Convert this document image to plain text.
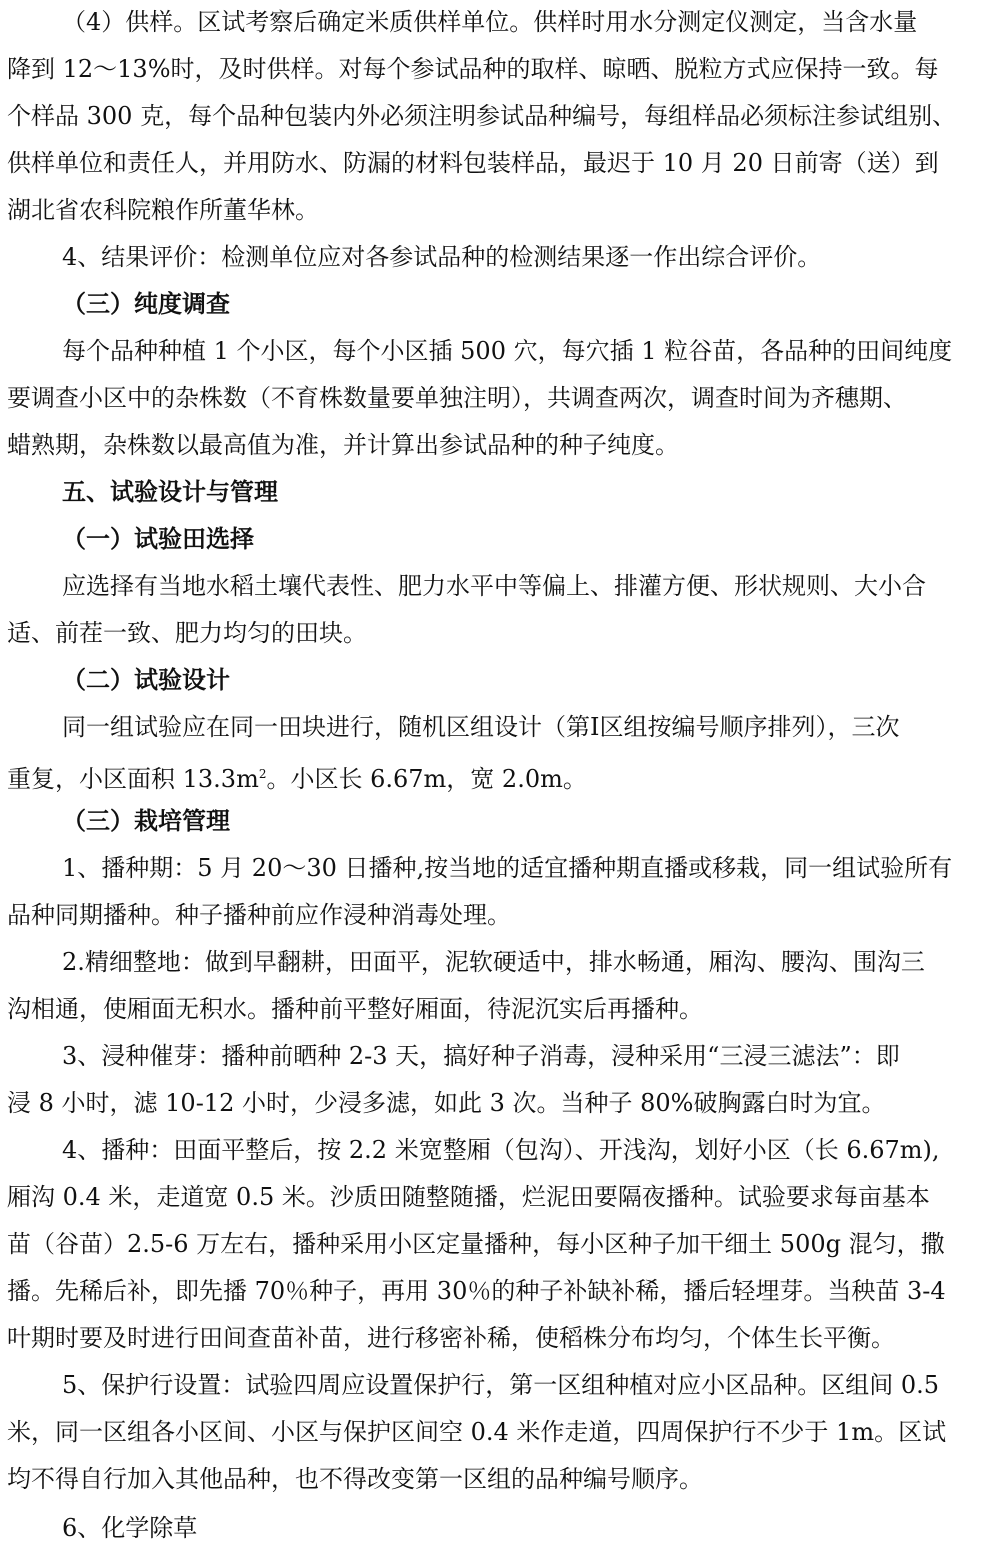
（4）供样。区试考察后确定米质供样单位。供样时用水分测定仪测定，当含水量
降到 12～13%时，及时供样。对每个参试品种的取样、晾晒、脱粒方式应保持一致。每
个样品 300 克，每个品种包装内外必须注明参试品种编号，每组样品必须标注参试组别、
供样单位和责任人，并用防水、防漏的材料包装样品，最迟于 10 月 20 日前寄（送）到
湖北省农科院粮作所董华林。
4、结果评价：检测单位应对各参试品种的检测结果逐一作出综合评价。
（三）纯度调查
每个品种种植 1 个小区，每个小区插 500 穴，每穴插 1 粒谷苗，各品种的田间纯度
要调查小区中的杂株数（不育株数量要单独注明），共调查两次，调查时间为齐穗期、
蜡熟期，杂株数以最高值为准，并计算出参试品种的种子纯度。
五、试验设计与管理
（一）试验田选择
应选择有当地水稻土壤代表性、肥力水平中等偏上、排灌方便、形状规则、大小合
适、前茬一致、肥力均匀的田块。
（二）试验设计
同一组试验应在同一田块进行，随机区组设计（第Ⅰ区组按编号顺序排列），三次
重复，小区面积 $13.3m^2$。小区长 6.67m，宽 2.0m。
（三）栽培管理
1、播种期：5 月 20～30 日播种,按当地的适宜播种期直播或移栽，同一组试验所有
品种同期播种。种子播种前应作浸种消毒处理。
2.精细整地：做到早翻耕，田面平，泥软硬适中，排水畅通，厢沟、腰沟、围沟三
沟相通，使厢面无积水。播种前平整好厢面，待泥沉实后再播种。
3、浸种催芽：播种前晒种 2-3 天，搞好种子消毒，浸种采用“三浸三滤法”：即
浸 8 小时，滤 10-12 小时，少浸多滤，如此 3 次。当种子 80%破胸露白时为宜。
4、播种：田面平整后，按 2.2 米宽整厢（包沟）、开浅沟，划好小区（长 6.67m),
厢沟 0.4 米，走道宽 0.5 米。沙质田随整随播，烂泥田要隔夜播种。试验要求每亩基本
苗（谷苗）2.5-6 万左右，播种采用小区定量播种，每小区种子加干细土 500g 混匀，撒
播。先稀后补，即先播 70％种子，再用 30％的种子补缺补稀，播后轻埋芽。当秧苗 3-4
叶期时要及时进行田间查苗补苗，进行移密补稀，使稻株分布均匀，个体生长平衡。
5、保护行设置：试验四周应设置保护行，第一区组种植对应小区品种。区组间 0.5
米，同一区组各小区间、小区与保护区间空 0.4 米作走道，四周保护行不少于 1m。区试
均不得自行加入其他品种，也不得改变第一区组的品种编号顺序。
6、化学除草
